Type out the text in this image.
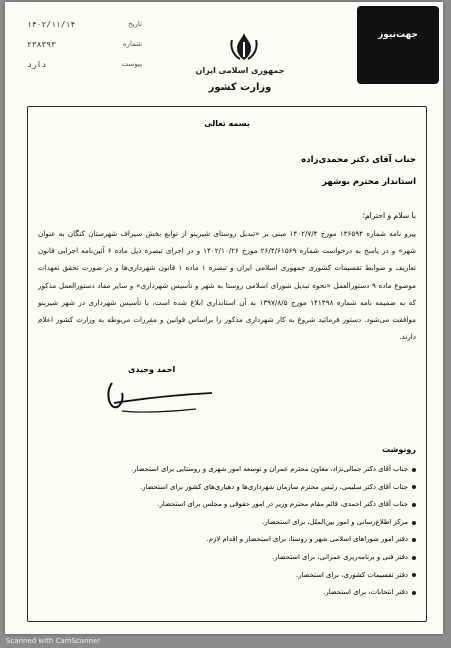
تاریخ
۱۴۰۲/۱۱/۱۴
شماره
۲۳۸۳۹۳
پیوست
دارد
جمهوری اسلامی ایران
وزارت کشور
جهت‌نیوز
بسمه تعالی
جناب آقای دکتر محمدی‌زاده
استاندار محترم بوشهر
با سلام و احترام؛
پیرو نامه شماره ۱۳۶۵۹۴ مورخ ۱۴۰۲/۷/۴ مبنی بر «تبدیل روستای شیرینو از توابع بخش سیراف شهرستان کنگان به عنوان شهر» و در پاسخ به درخواست شماره ۲۶/۴/۶۱۵۶۹ مورخ ۱۴۰۲/۱۰/۲۶ و در اجرای تبصره ذیل ماده ۶ آئین‌نامه اجرایی قانون تعاریف و ضوابط تقسیمات کشوری جمهوری اسلامی ایران و تبصره ۱ ماده ۱ قانون شهرداری‌ها و در صورت تحقق تعهدات موضوع ماده ۹ دستورالعمل «نحوه تبدیل شورای اسلامی روستا به شهر و تأسیس شهرداری» و سایر مفاد دستورالعمل مذکور که به ضمیمه نامه شماره ۱۴۱۴۹۸ مورخ ۱۳۹۷/۸/۵ به آن استانداری ابلاغ شده است، با تأسیس شهرداری در شهر شیرینو موافقت می‌شود. دستور فرمائید شروع به کار شهرداری مذکور را براساس قوانین و مقررات مربوطه به وزارت کشور اعلام دارند.
احمد وحیدی
رونوشت
جناب آقای دکتر جمالی‌نژاد، معاون محترم عمران و توسعه امور شهری و روستایی برای استحضار.
جناب آقای دکتر سلیمی، رئیس محترم سازمان شهرداری‌ها و دهیاری‌های کشور برای استحضار.
جناب آقای دکتر احمدی، قائم مقام محترم وزیر در امور حقوقی و مجلس برای استحضار.
مرکز اطلاع‌رسانی و امور بین‌الملل، برای استحضار.
دفتر امور شوراهای اسلامی شهر و روستا، برای استحضار و اقدام لازم.
دفتر فنی و برنامه‌ریزی عمرانی، برای استحضار.
دفتر تقسیمات کشوری، برای استحضار.
دفتر انتخابات، برای استحضار.
Scanned with CamScanner
